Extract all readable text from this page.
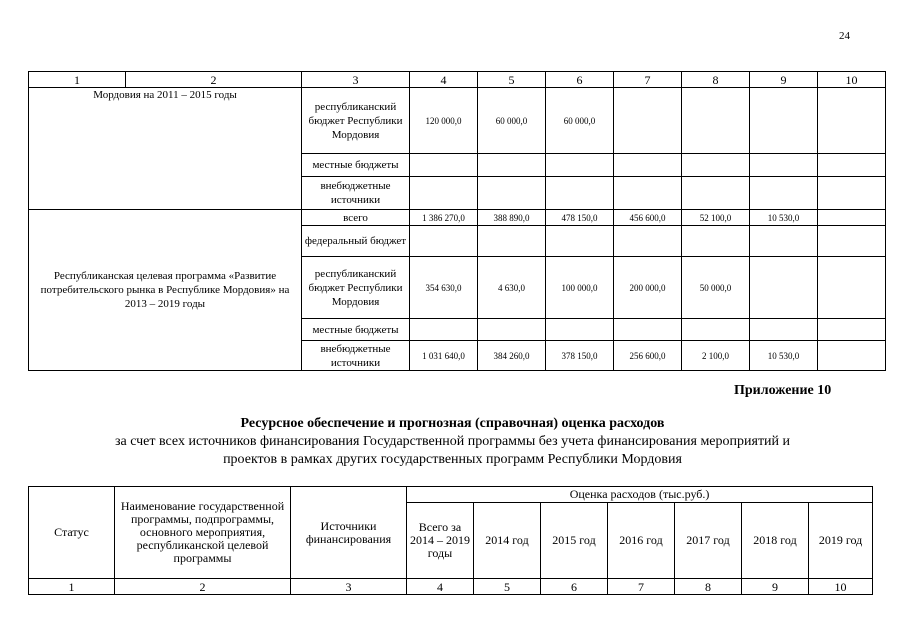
24
1	2	3	4	5	6	7	8	9	10
Мордовия на 2011 – 2015 годы		республиканский бюджет Республики Мордовия	120 000,0	60 000,0	60 000,0				
		местные бюджеты							
		внебюджетные источники							
Республиканская целевая программа «Развитие потребительского рынка в Республике Мордовия» на 2013 – 2019 годы		всего	1 386 270,0	388 890,0	478 150,0	456 600,0	52 100,0	10 530,0	
		федеральный бюджет							
		республиканский бюджет Республики Мордовия	354 630,0	4 630,0	100 000,0	200 000,0	50 000,0		
		местные бюджеты							
		внебюджетные источники	1 031 640,0	384 260,0	378 150,0	256 600,0	2 100,0	10 530,0	
Приложение 10
Ресурсное обеспечение и прогнозная (справочная) оценка расходов
за счет всех источников финансирования Государственной программы без учета финансирования мероприятий и
проектов в рамках других государственных программ Республики Мордовия
Статус	Наименование государственной программы, подпрограммы, основного мероприятия, республиканской целевой программы	Источники финансирования	Оценка расходов (тыс.руб.)						
			Всего за 2014 – 2019 годы	2014 год	2015 год	2016 год	2017 год	2018 год	2019 год
1	2	3	4	5	6	7	8	9	10
